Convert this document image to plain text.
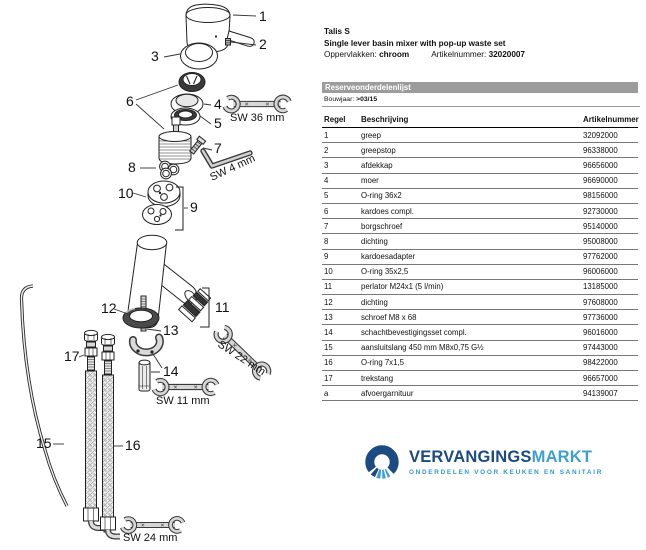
1
2
3
6	4
5
7
8
10
9
12	11
13
17
14
15	16
SW 36 mm
SW 4 mm
SW 22 mm
SW 11 mm
SW 24 mm
Talis S
Single lever basin mixer with pop-up waste set
Oppervlakken: chroom	Artikelnummer: 32020007
Reserveonderdelenlijst
Bouwjaar: >03/15
Regel	Beschrijving	Artikelnummer
1	greep	32092000
2	greepstop	96338000
3	afdekkap	96656000
4	moer	96690000
5	O-ring 36x2	98156000
6	kardoes compl.	92730000
7	borgschroef	95140000
8	dichting	95008000
9	kardoesadapter	97762000
10	O-ring 35x2,5	96006000
11	perlator M24x1 (5 l/min)	13185000
12	dichting	97608000
13	schroef M8 x 68	97736000
14	schachtbevestigingsset compl.	96016000
15	aansluitslang 450 mm M8x0,75 G½	97443000
16	O-ring 7x1,5	98422000
17	trekstang	96657000
a	afvoergarnituur	94139007
VERVANGINGSMARKT
ONDERDELEN VOOR KEUKEN EN SANITAIR
